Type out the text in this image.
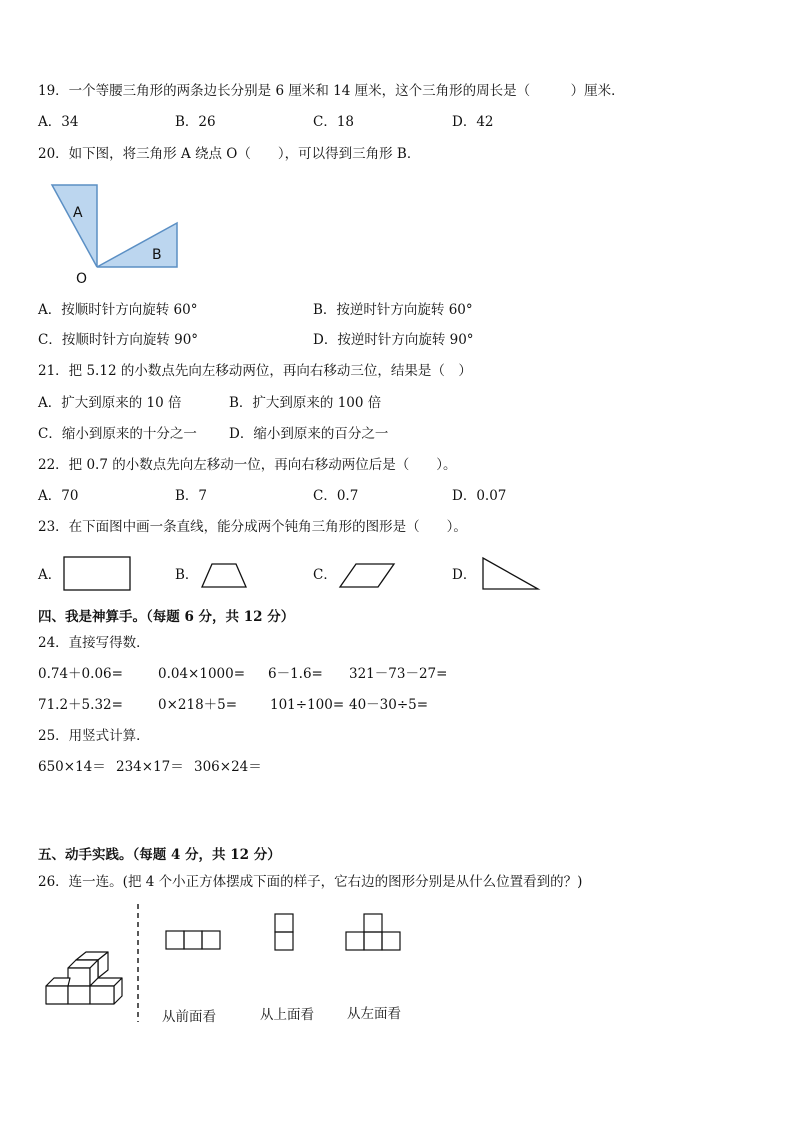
19．一个等腰三角形的两条边长分别是 6 厘米和 14 厘米，这个三角形的周长是（　　　）厘米．
A．34	B．26	C．18	D．42
20．如下图，将三角形 A 绕点 O（　　），可以得到三角形 B．
A
B
O
A．按顺时针方向旋转 60°	B．按逆时针方向旋转 60°
C．按顺时针方向旋转 90°	D．按逆时针方向旋转 90°
21．把 5.12 的小数点先向左移动两位，再向右移动三位，结果是（　）
A．扩大到原来的 10 倍	B．扩大到原来的 100 倍
C．缩小到原来的十分之一 D．缩小到原来的百分之一
22．把 0.7 的小数点先向左移动一位，再向右移动两位后是（　　）。
A．70	B．7	C．0.7	D．0.07
23．在下面图中画一条直线，能分成两个钝角三角形的图形是（　　）。
A．	B．	C．	D．
四、我是神算手。（每题 6 分，共 12 分）
24．直接写得数．
0.74＋0.06=	0.04×1000= 6－1.6= 321－73－27=
71.2＋5.32=	0×218＋5= 101÷100= 40－30÷5=
25．用竖式计算．
650×14＝ 234×17＝ 306×24＝
五、动手实践。（每题 4 分，共 12 分）
26．连一连。(把 4 个小正方体摆成下面的样子，它右边的图形分别是从什么位置看到的？)
从前面看	从上面看 从左面看
